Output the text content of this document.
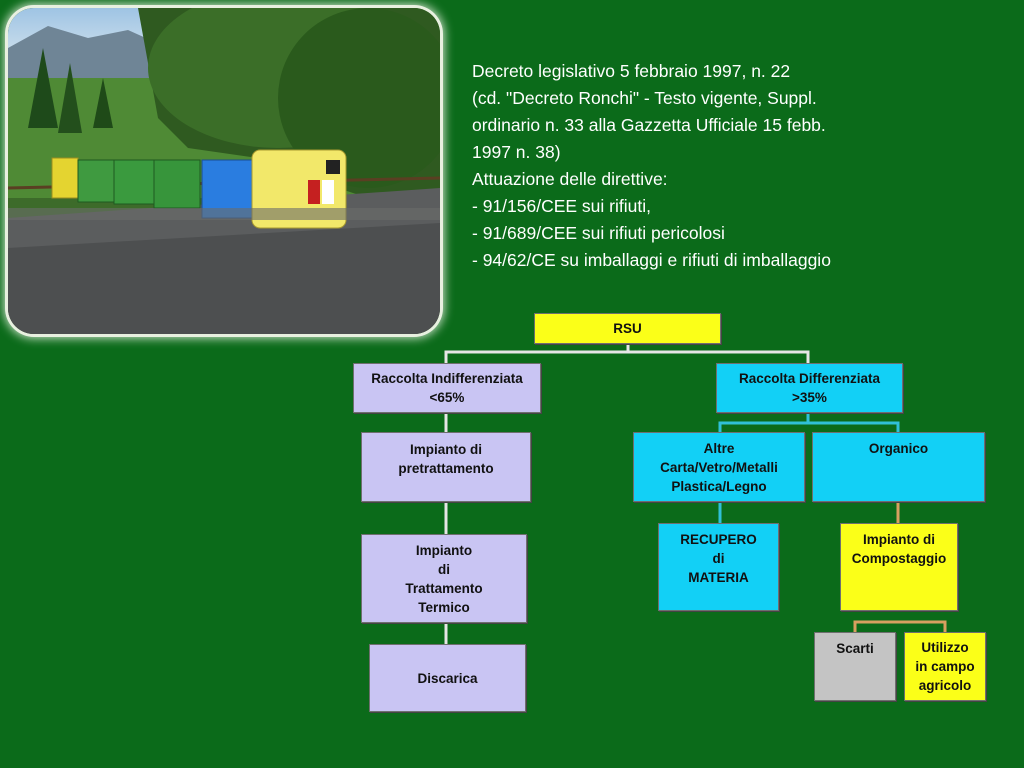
Decreto legislativo 5 febbraio 1997, n. 22
(cd. "Decreto Ronchi" - Testo vigente, Suppl.
ordinario n. 33 alla Gazzetta Ufficiale 15 febb.
1997 n. 38)
Attuazione delle direttive:
- 91/156/CEE sui rifiuti,
- 91/689/CEE sui rifiuti pericolosi
- 94/62/CE su imballaggi e rifiuti di imballaggio
RSU
Raccolta Indifferenziata
<65%
Raccolta Differenziata
>35%
Impianto di
pretrattamento
Impianto
di
Trattamento
Termico
Discarica
Altre
Carta/Vetro/Metalli
Plastica/Legno
Organico
RECUPERO
di
MATERIA
Impianto di
Compostaggio
Scarti	Utilizzo
in campo
agricolo
